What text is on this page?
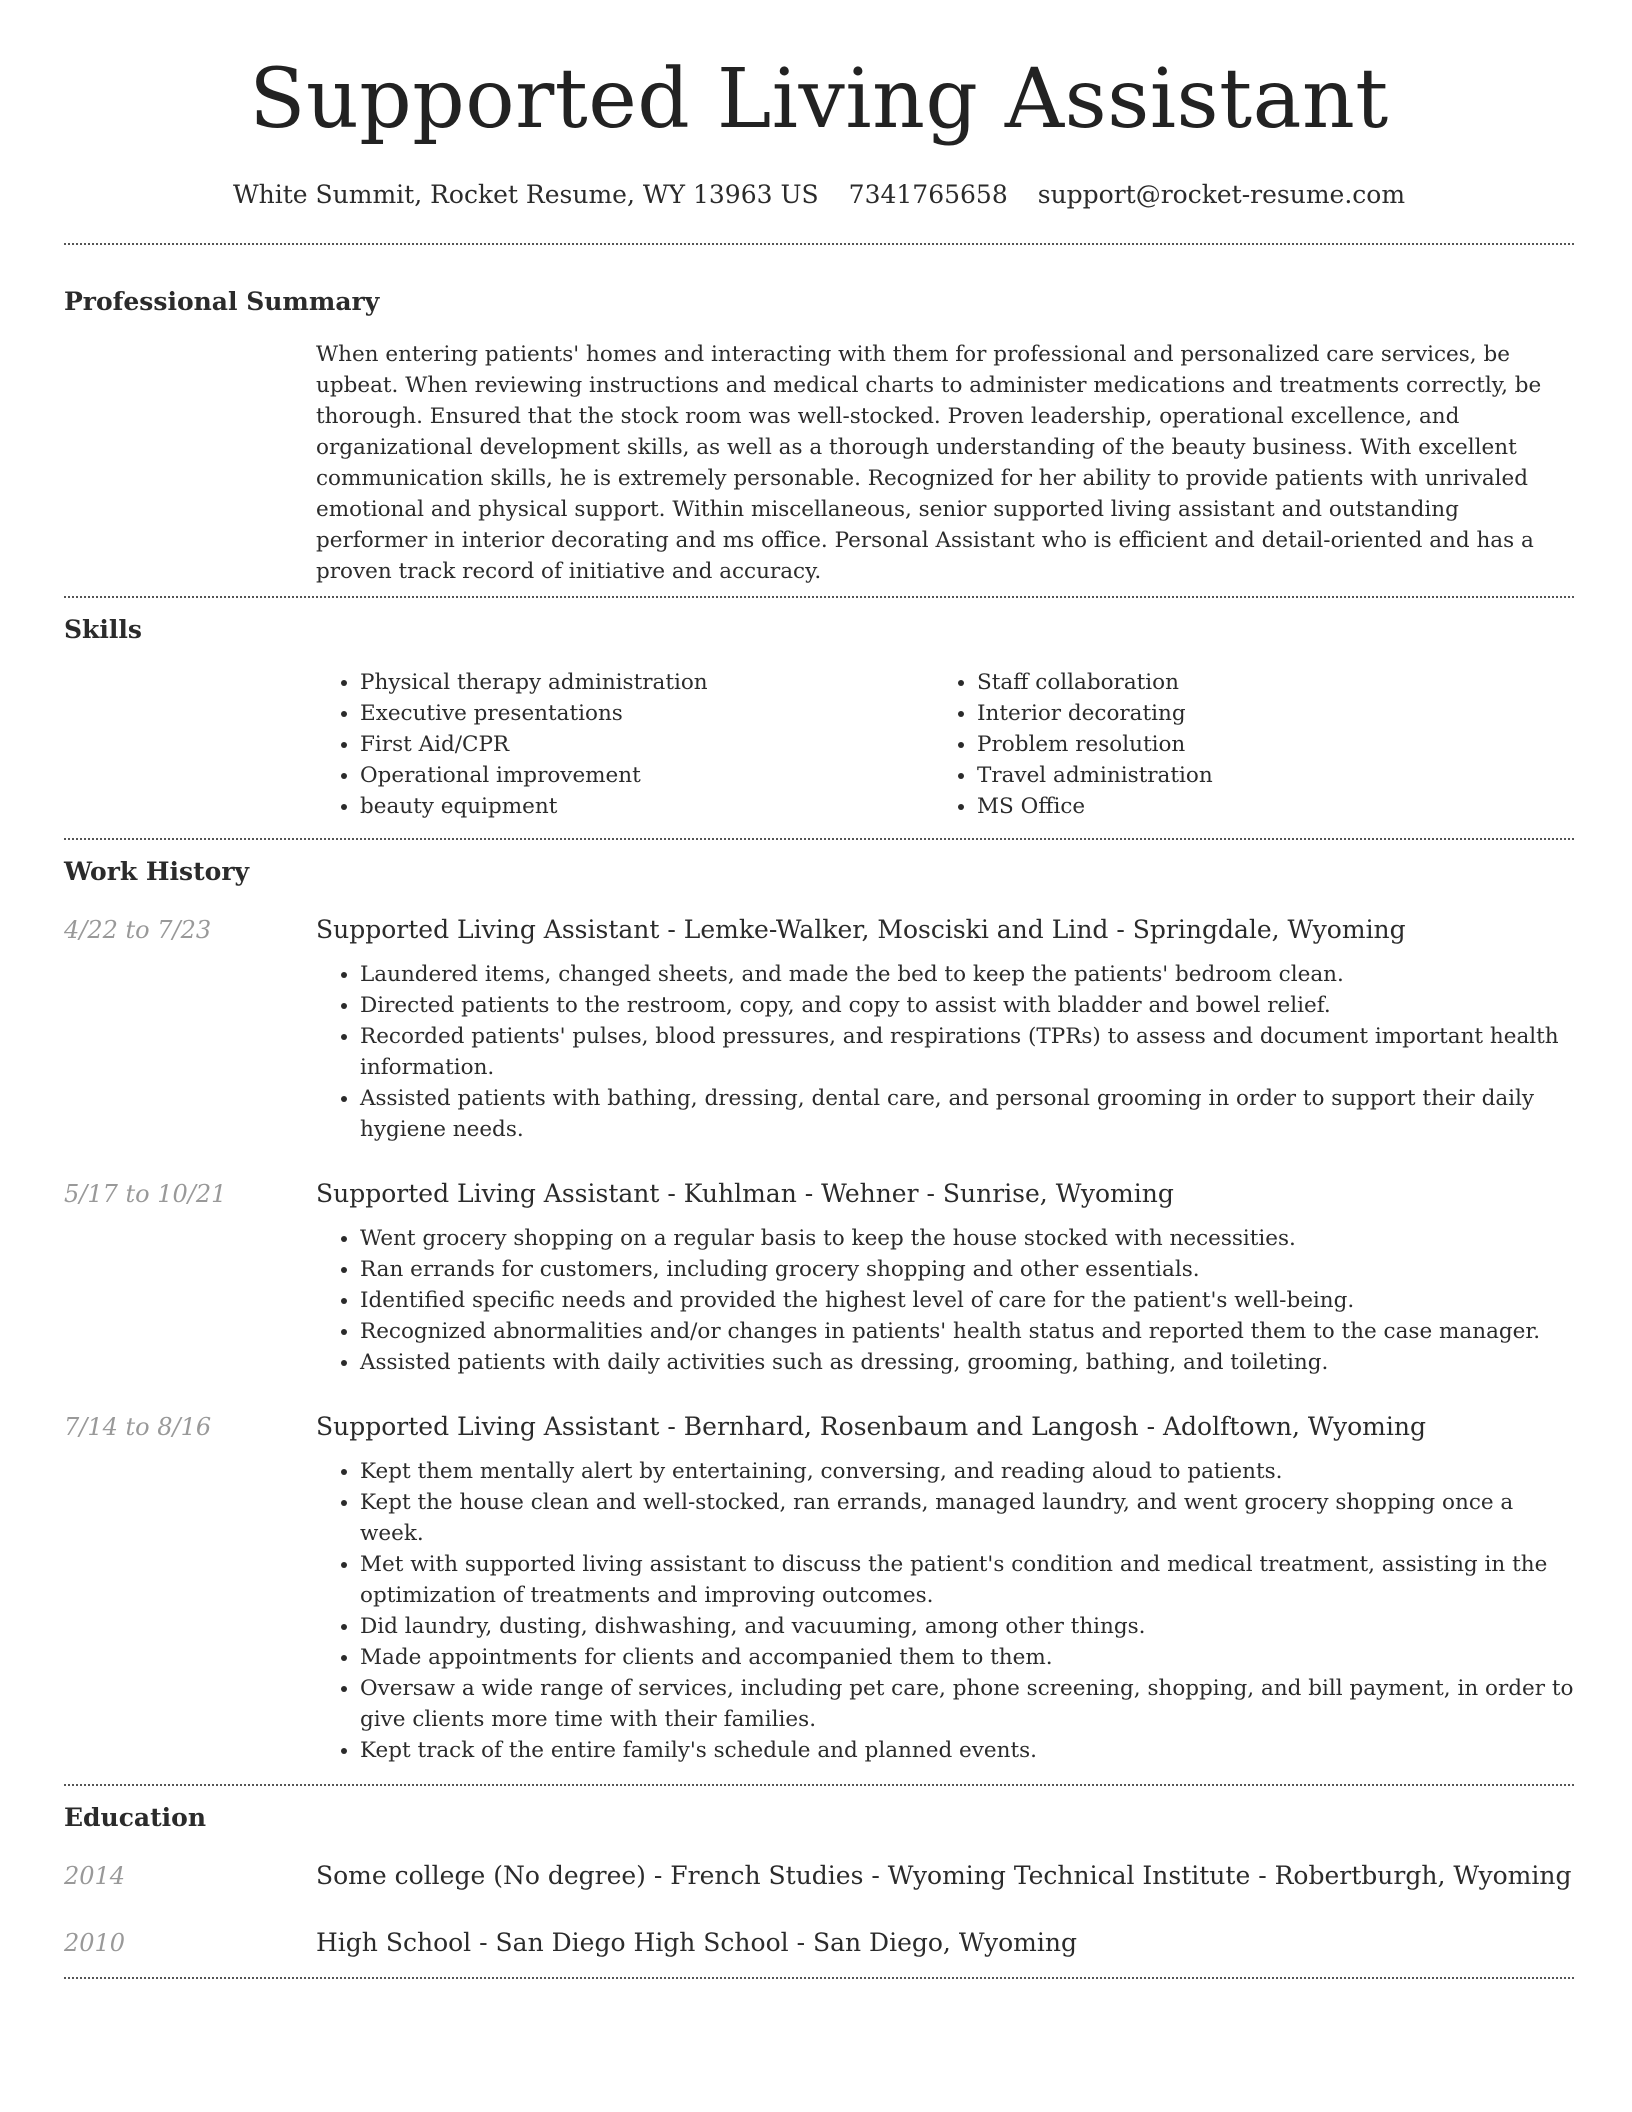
Supported Living Assistant
White Summit, Rocket Resume, WY 13963 US 7341765658 support@rocket-resume.com
Professional Summary

When entering patients' homes and interacting with them for professional and personalized care services, be upbeat. When reviewing instructions and medical charts to administer medications and treatments correctly, be thorough. Ensured that the stock room was well-stocked. Proven leadership, operational excellence, and organizational development skills, as well as a thorough understanding of the beauty business. With excellent communication skills, he is extremely personable. Recognized for her ability to provide patients with unrivaled emotional and physical support. Within miscellaneous, senior supported living assistant and outstanding performer in interior decorating and ms office. Personal Assistant who is efficient and detail-oriented and has a proven track record of initiative and accuracy.

Skills
• Physical therapy administration
• Executive presentations
• First Aid/CPR
• Operational improvement
• beauty equipment
• Staff collaboration
• Interior decorating
• Problem resolution
• Travel administration
• MS Office
Work History
4/22 to 7/23	Supported Living Assistant - Lemke-Walker, Mosciski and Lind - Springdale, Wyoming
• Laundered items, changed sheets, and made the bed to keep the patients' bedroom clean.
• Directed patients to the restroom, copy, and copy to assist with bladder and bowel relief.
• Recorded patients' pulses, blood pressures, and respirations (TPRs) to assess and document important health information.
• Assisted patients with bathing, dressing, dental care, and personal grooming in order to support their daily hygiene needs.
5/17 to 10/21	Supported Living Assistant - Kuhlman - Wehner - Sunrise, Wyoming
• Went grocery shopping on a regular basis to keep the house stocked with necessities.
• Ran errands for customers, including grocery shopping and other essentials.
• Identified specific needs and provided the highest level of care for the patient's well-being.
• Recognized abnormalities and/or changes in patients' health status and reported them to the case manager.
• Assisted patients with daily activities such as dressing, grooming, bathing, and toileting.
7/14 to 8/16	Supported Living Assistant - Bernhard, Rosenbaum and Langosh - Adolftown, Wyoming
• Kept them mentally alert by entertaining, conversing, and reading aloud to patients.
• Kept the house clean and well-stocked, ran errands, managed laundry, and went grocery shopping once a week.
• Met with supported living assistant to discuss the patient's condition and medical treatment, assisting in the optimization of treatments and improving outcomes.
• Did laundry, dusting, dishwashing, and vacuuming, among other things.
• Made appointments for clients and accompanied them to them.
• Oversaw a wide range of services, including pet care, phone screening, shopping, and bill payment, in order to give clients more time with their families.
• Kept track of the entire family's schedule and planned events.
Education
2014	Some college (No degree) - French Studies - Wyoming Technical Institute - Robertburgh, Wyoming
2010	High School - San Diego High School - San Diego, Wyoming
